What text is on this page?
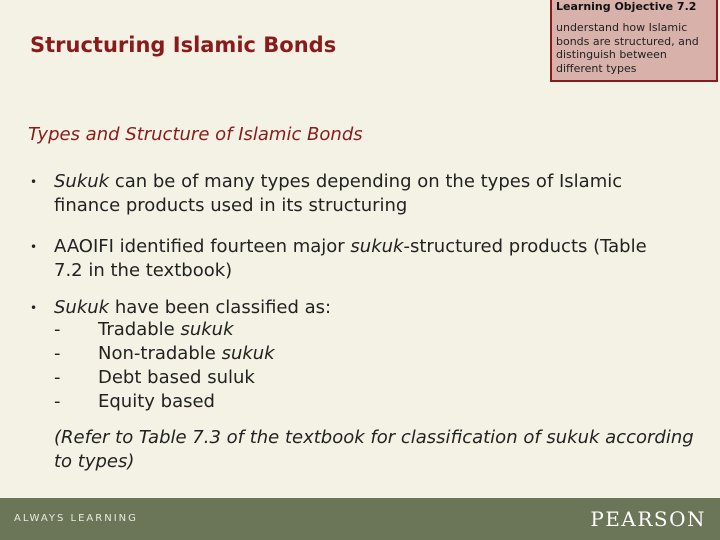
Structuring Islamic Bonds
Learning Objective 7.2
understand how Islamic bonds are structured, and distinguish between different types
Types and Structure of Islamic Bonds
• Sukuk can be of many types depending on the types of Islamic finance products used in its structuring
• AAOIFI identified fourteen major sukuk-structured products (Table 7.2 in the textbook)
• Sukuk have been classified as:
- Tradable sukuk
- Non-tradable sukuk
- Debt based suluk
- Equity based
(Refer to Table 7.3 of the textbook for classification of sukuk according to types)
ALWAYS LEARNING	PEARSON
